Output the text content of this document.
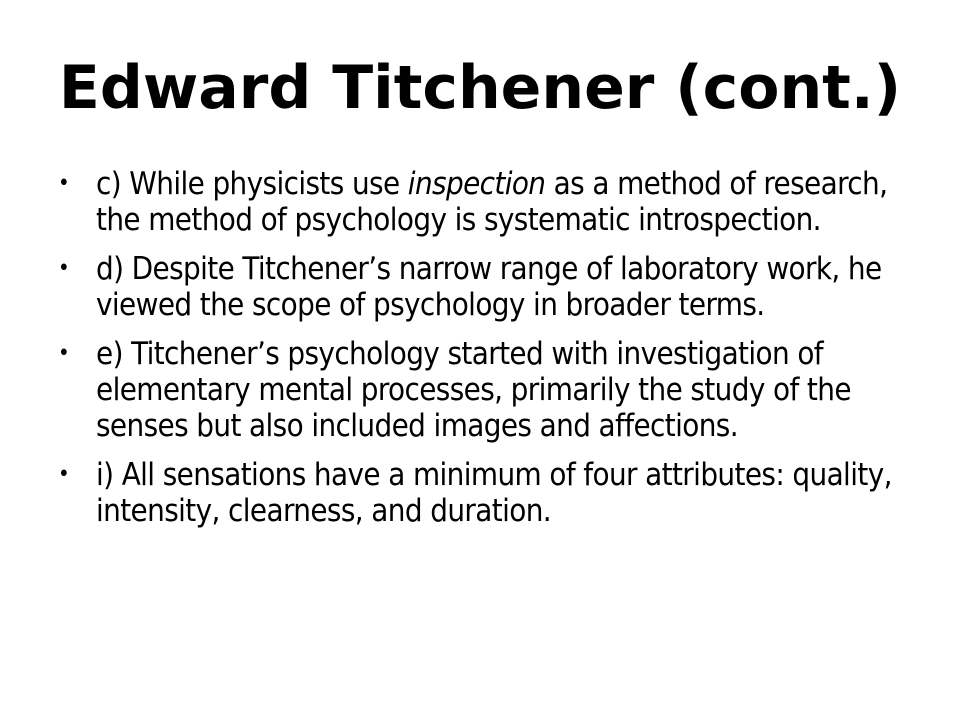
Edward Titchener (cont.)
• c) While physicists use inspection as a method of research, the method of psychology is systematic introspection.
• d) Despite Titchener’s narrow range of laboratory work, he viewed the scope of psychology in broader terms.
• e) Titchener’s psychology started with investigation of elementary mental processes, primarily the study of the senses but also included images and affections.
• i) All sensations have a minimum of four attributes: quality, intensity, clearness, and duration.
